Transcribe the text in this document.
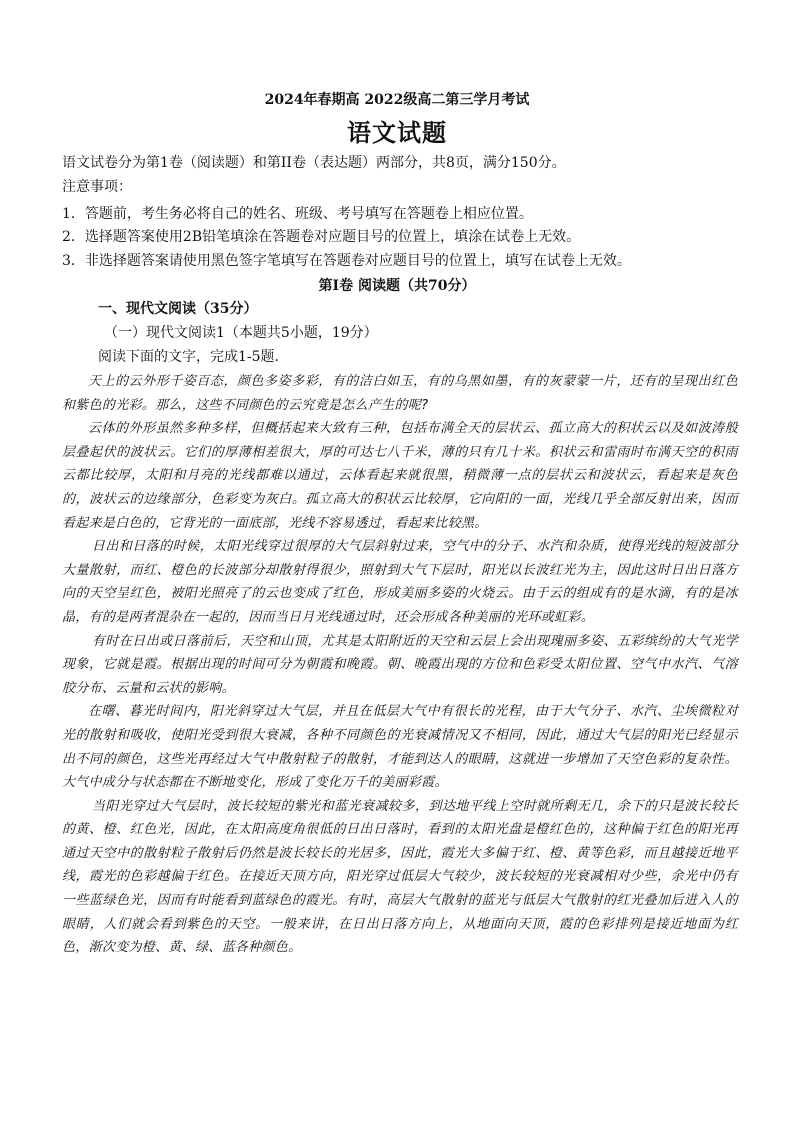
2024年春期高 2022级高二第三学月考试
语文试题
语文试卷分为第1卷（阅读题）和第II卷（表达题）两部分，共8页，满分150分。
注意事项：
1．答题前，考生务必将自己的姓名、班级、考号填写在答题卷上相应位置。
2．选择题答案使用2B铅笔填涂在答题卷对应题目号的位置上，填涂在试卷上无效。
3．非选择题答案请使用黑色签字笔填写在答题卷对应题目号的位置上，填写在试卷上无效。
第I卷 阅读题（共70分）
一、现代文阅读（35分）
（一）现代文阅读1（本题共5小题，19分）
阅读下面的文字，完成1-5题．

天上的云外形千姿百态，颜色多姿多彩，有的洁白如玉，有的乌黑如墨，有的灰蒙蒙一片，还有的呈现出红色和紫色的光彩。那么，这些不同颜色的云究竟是怎么产生的呢?

云体的外形虽然多种多样，但概括起来大致有三种，包括布满全天的层状云、孤立高大的积状云以及如波涛般层叠起伏的波状云。它们的厚薄相差很大，厚的可达七八千米，薄的只有几十米。积状云和雷雨时布满天空的积雨云都比较厚，太阳和月亮的光线都难以通过，云体看起来就很黑，稍微薄一点的层状云和波状云，看起来是灰色的，波状云的边缘部分，色彩变为灰白。孤立高大的积状云比较厚，它向阳的一面，光线几乎全部反射出来，因而看起来是白色的，它背光的一面底部，光线不容易透过，看起来比较黑。

日出和日落的时候，太阳光线穿过很厚的大气层斜射过来，空气中的分子、水汽和杂质，使得光线的短波部分大量散射，而红、橙色的长波部分却散射得很少，照射到大气下层时，阳光以长波红光为主，因此这时日出日落方向的天空呈红色，被阳光照亮了的云也变成了红色，形成美丽多姿的火烧云。由于云的组成有的是水滴，有的是冰晶，有的是两者混杂在一起的，因而当日月光线通过时，还会形成各种美丽的光环或虹彩。

有时在日出或日落前后，天空和山顶，尤其是太阳附近的天空和云层上会出现瑰丽多姿、五彩缤纷的大气光学现象，它就是霞。根据出现的时间可分为朝霞和晚霞。朝、晚霞出现的方位和色彩受太阳位置、空气中水汽、气溶胶分布、云量和云状的影响。

在曙、暮光时间内，阳光斜穿过大气层，并且在低层大气中有很长的光程，由于大气分子、水汽、尘埃微粒对光的散射和吸收，使阳光受到很大衰减，各种不同颜色的光衰减情况又不相同，因此，通过大气层的阳光已经显示出不同的颜色，这些光再经过大气中散射粒子的散射，才能到达人的眼睛，这就进一步增加了天空色彩的复杂性。大气中成分与状态都在不断地变化，形成了变化万千的美丽彩霞。

当阳光穿过大气层时，波长较短的紫光和蓝光衰减较多，到达地平线上空时就所剩无几，余下的只是波长较长的黄、橙、红色光，因此，在太阳高度角很低的日出日落时，看到的太阳光盘是橙红色的，这种偏于红色的阳光再通过天空中的散射粒子散射后仍然是波长较长的光居多，因此，霞光大多偏于红、橙、黄等色彩，而且越接近地平线，霞光的色彩越偏于红色。在接近天顶方向，阳光穿过低层大气较少，波长较短的光衰减相对少些，余光中仍有一些蓝绿色光，因而有时能看到蓝绿色的霞光。有时，高层大气散射的蓝光与低层大气散射的红光叠加后进入人的眼睛，人们就会看到紫色的天空。一般来讲，在日出日落方向上，从地面向天顶，霞的色彩排列是接近地面为红色，渐次变为橙、黄、绿、蓝各种颜色。
